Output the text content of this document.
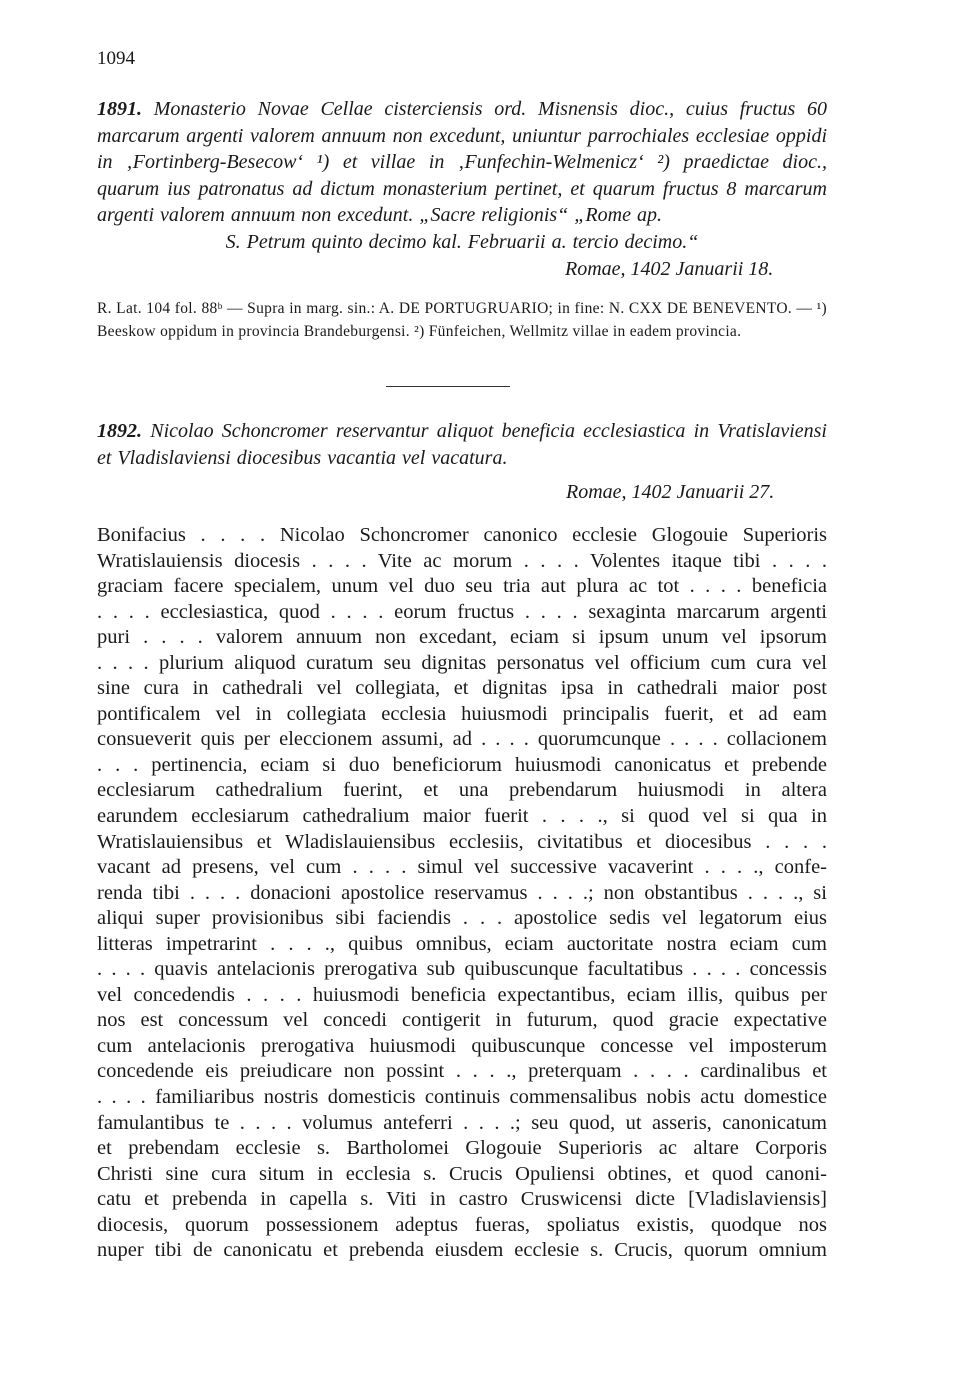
1094
1891. Monasterio Novae Cellae cisterciensis ord. Misnensis dioc., cuius fructus 60 marcarum argenti valorem annuum non excedunt, uniuntur parrochiales ecclesiae oppidi in ‚Fortinberg-Besecow‘ ¹) et villae in ‚Funfechin-Welmenicz‘ ²) praedictae dioc., quarum ius patronatus ad dictum monasterium pertinet, et quarum fructus 8 marcarum argenti valorem annuum non excedunt. „Sacre religionis“ „Rome ap.
S. Petrum quinto decimo kal. Februarii a. tercio decimo.“
Romae, 1402 Januarii 18.
R. Lat. 104 fol. 88ᵇ — Supra in marg. sin.: A. DE PORTUGRUARIO; in fine: N. CXX DE BENEVENTO. — ¹) Beeskow oppidum in provincia Brandeburgensi. ²) Fünfeichen, Wellmitz villae in eadem provincia.
1892. Nicolao Schoncromer reservantur aliquot beneficia ecclesiastica in Vratislaviensi et Vladislaviensi diocesibus vacantia vel vacatura.
Romae, 1402 Januarii 27.
Bonifacius . . . . Nicolao Schoncromer canonico ecclesie Glogouie Superioris
Wratislauiensis diocesis . . . . Vite ac morum . . . . Volentes itaque tibi . . . .
graciam facere specialem, unum vel duo seu tria aut plura ac tot . . . . beneficia
. . . . ecclesiastica, quod . . . . eorum fructus . . . . sexaginta marcarum argenti
puri . . . . valorem annuum non excedant, eciam si ipsum unum vel ipsorum
. . . . plurium aliquod curatum seu dignitas personatus vel officium cum cura vel
sine cura in cathedrali vel collegiata, et dignitas ipsa in cathedrali maior post
pontificalem vel in collegiata ecclesia huiusmodi principalis fuerit, et ad eam
consueverit quis per eleccionem assumi, ad . . . . quorumcunque . . . . collacionem
. . . pertinencia, eciam si duo beneficiorum huiusmodi canonicatus et prebende
ecclesiarum cathedralium fuerint, et una prebendarum huiusmodi in altera
earundem ecclesiarum cathedralium maior fuerit . . . ., si quod vel si qua in
Wratislauiensibus et Wladislauiensibus ecclesiis, civitatibus et diocesibus . . . .
vacant ad presens, vel cum . . . . simul vel successive vacaverint . . . ., confe-
renda tibi . . . . donacioni apostolice reservamus . . . .; non obstantibus . . . ., si
aliqui super provisionibus sibi faciendis . . . apostolice sedis vel legatorum eius
litteras impetrarint . . . ., quibus omnibus, eciam auctoritate nostra eciam cum
. . . . quavis antelacionis prerogativa sub quibuscunque facultatibus . . . . concessis
vel concedendis . . . . huiusmodi beneficia expectantibus, eciam illis, quibus per
nos est concessum vel concedi contigerit in futurum, quod gracie expectative
cum antelacionis prerogativa huiusmodi quibuscunque concesse vel imposterum
concedende eis preiudicare non possint . . . ., preterquam . . . . cardinalibus et
. . . . familiaribus nostris domesticis continuis commensalibus nobis actu domestice
famulantibus te . . . . volumus anteferri . . . .; seu quod, ut asseris, canonicatum
et prebendam ecclesie s. Bartholomei Glogouie Superioris ac altare Corporis
Christi sine cura situm in ecclesia s. Crucis Opuliensi obtines, et quod canoni-
catu et prebenda in capella s. Viti in castro Cruswicensi dicte [Vladislaviensis]
diocesis, quorum possessionem adeptus fueras, spoliatus existis, quodque nos
nuper tibi de canonicatu et prebenda eiusdem ecclesie s. Crucis, quorum omnium
